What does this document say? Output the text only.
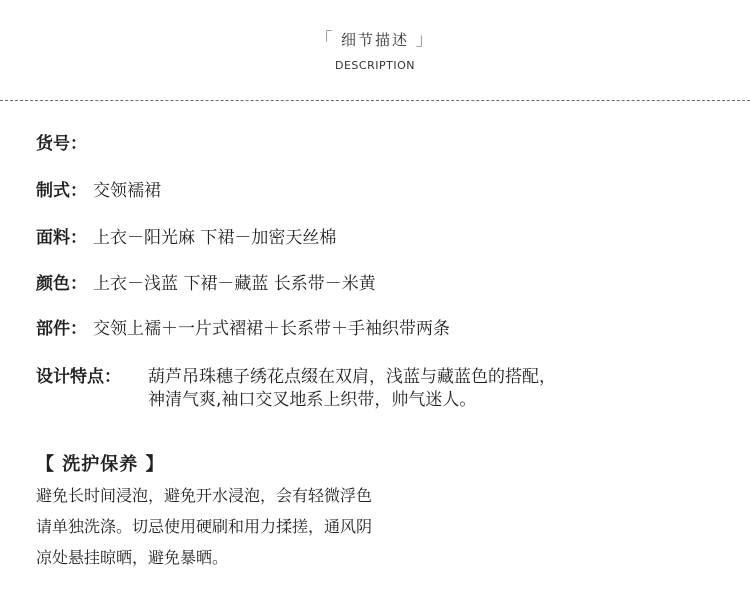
「 细节描述 」
DESCRIPTION
货号：
制式： 交领襦裙
面料： 上衣－阳光麻 下裙－加密天丝棉
颜色： 上衣－浅蓝 下裙－藏蓝 长系带－米黄
部件： 交领上襦＋一片式褶裙＋长系带＋手袖织带两条
设计特点： 葫芦吊珠穗子绣花点缀在双肩，浅蓝与藏蓝色的搭配，
神清气爽,袖口交叉地系上织带，帅气迷人。
【 洗护保养 】
避免长时间浸泡，避免开水浸泡，会有轻微浮色
请单独洗涤。切忌使用硬刷和用力揉搓，通风阴
凉处悬挂晾晒，避免暴晒。
